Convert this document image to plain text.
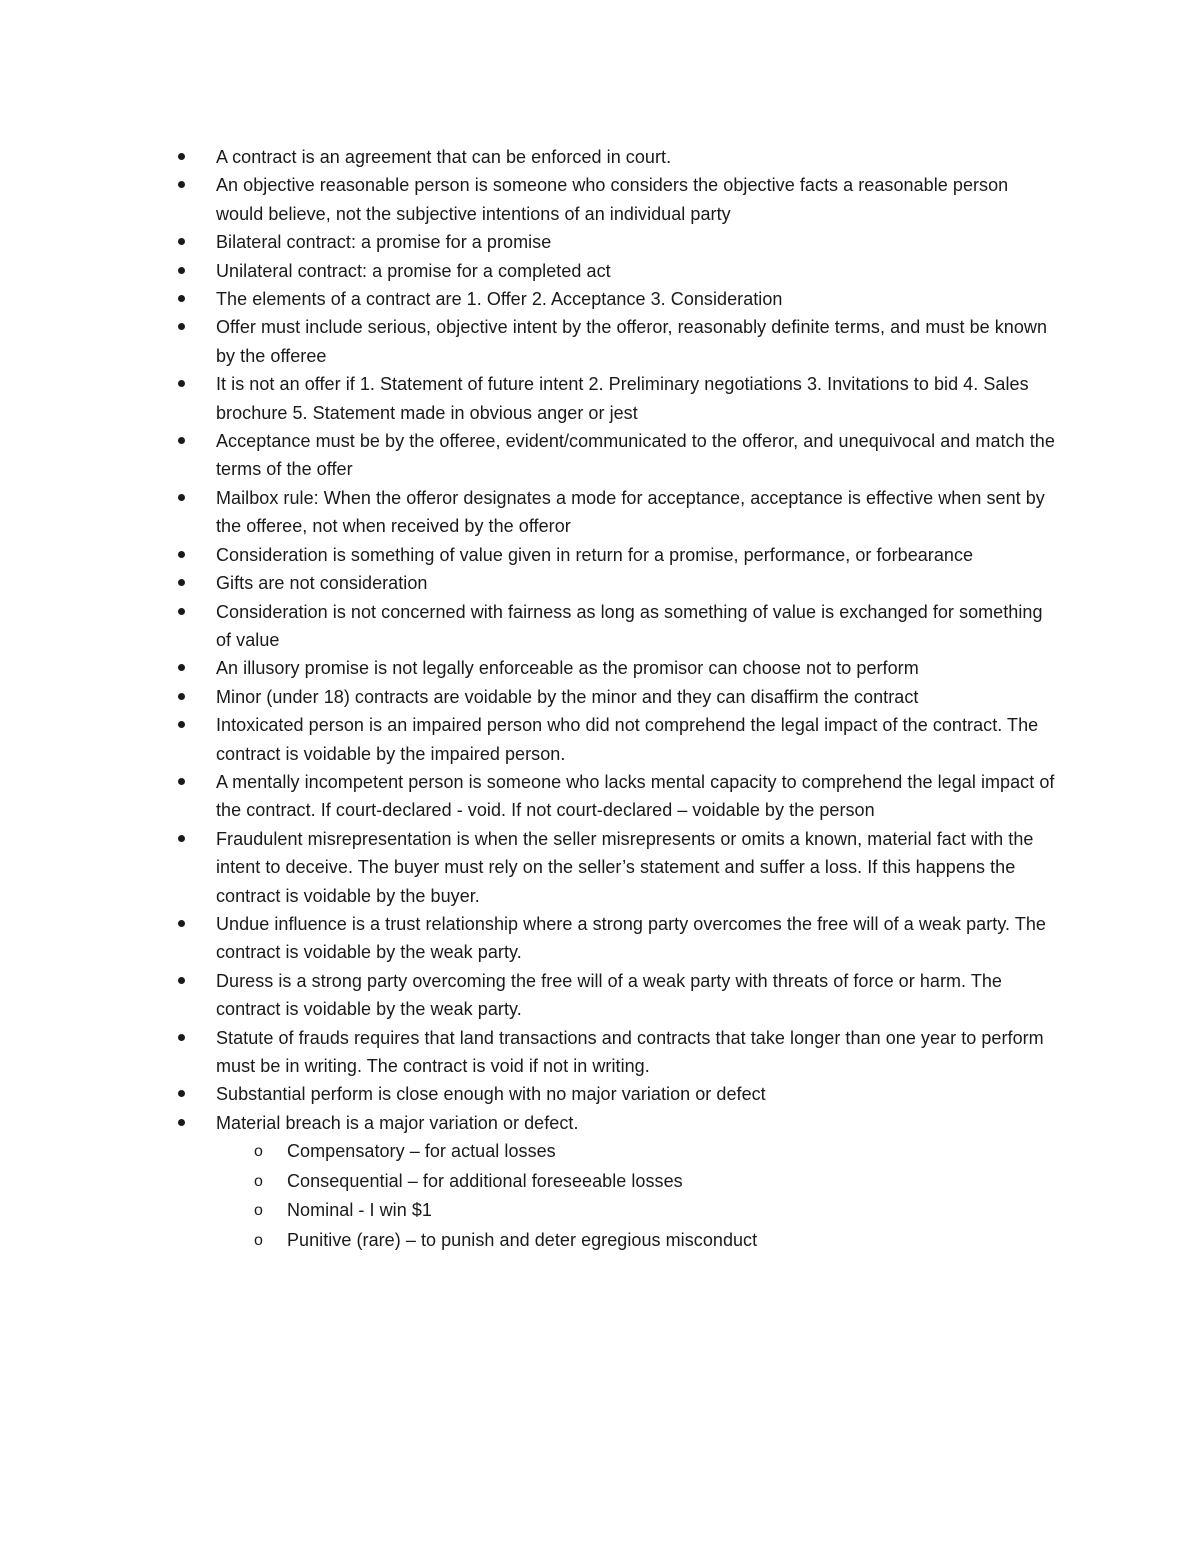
A contract is an agreement that can be enforced in court.
An objective reasonable person is someone who considers the objective facts a reasonable person would believe, not the subjective intentions of an individual party
Bilateral contract: a promise for a promise
Unilateral contract: a promise for a completed act
The elements of a contract are 1. Offer 2. Acceptance 3. Consideration
Offer must include serious, objective intent by the offeror, reasonably definite terms, and must be known by the offeree
It is not an offer if 1. Statement of future intent 2. Preliminary negotiations 3. Invitations to bid 4. Sales brochure 5. Statement made in obvious anger or jest
Acceptance must be by the offeree, evident/communicated to the offeror, and unequivocal and match the terms of the offer
Mailbox rule: When the offeror designates a mode for acceptance, acceptance is effective when sent by the offeree, not when received by the offeror
Consideration is something of value given in return for a promise, performance, or forbearance
Gifts are not consideration
Consideration is not concerned with fairness as long as something of value is exchanged for something of value
An illusory promise is not legally enforceable as the promisor can choose not to perform
Minor (under 18) contracts are voidable by the minor and they can disaffirm the contract
Intoxicated person is an impaired person who did not comprehend the legal impact of the contract. The contract is voidable by the impaired person.
A mentally incompetent person is someone who lacks mental capacity to comprehend the legal impact of the contract. If court-declared - void. If not court-declared – voidable by the person
Fraudulent misrepresentation is when the seller misrepresents or omits a known, material fact with the intent to deceive. The buyer must rely on the seller’s statement and suffer a loss. If this happens the contract is voidable by the buyer.
Undue influence is a trust relationship where a strong party overcomes the free will of a weak party. The contract is voidable by the weak party.
Duress is a strong party overcoming the free will of a weak party with threats of force or harm. The contract is voidable by the weak party.
Statute of frauds requires that land transactions and contracts that take longer than one year to perform must be in writing. The contract is void if not in writing.
Substantial perform is close enough with no major variation or defect
Material breach is a major variation or defect.
o Compensatory – for actual losses
o Consequential – for additional foreseeable losses
o Nominal - I win $1
o Punitive (rare) – to punish and deter egregious misconduct
